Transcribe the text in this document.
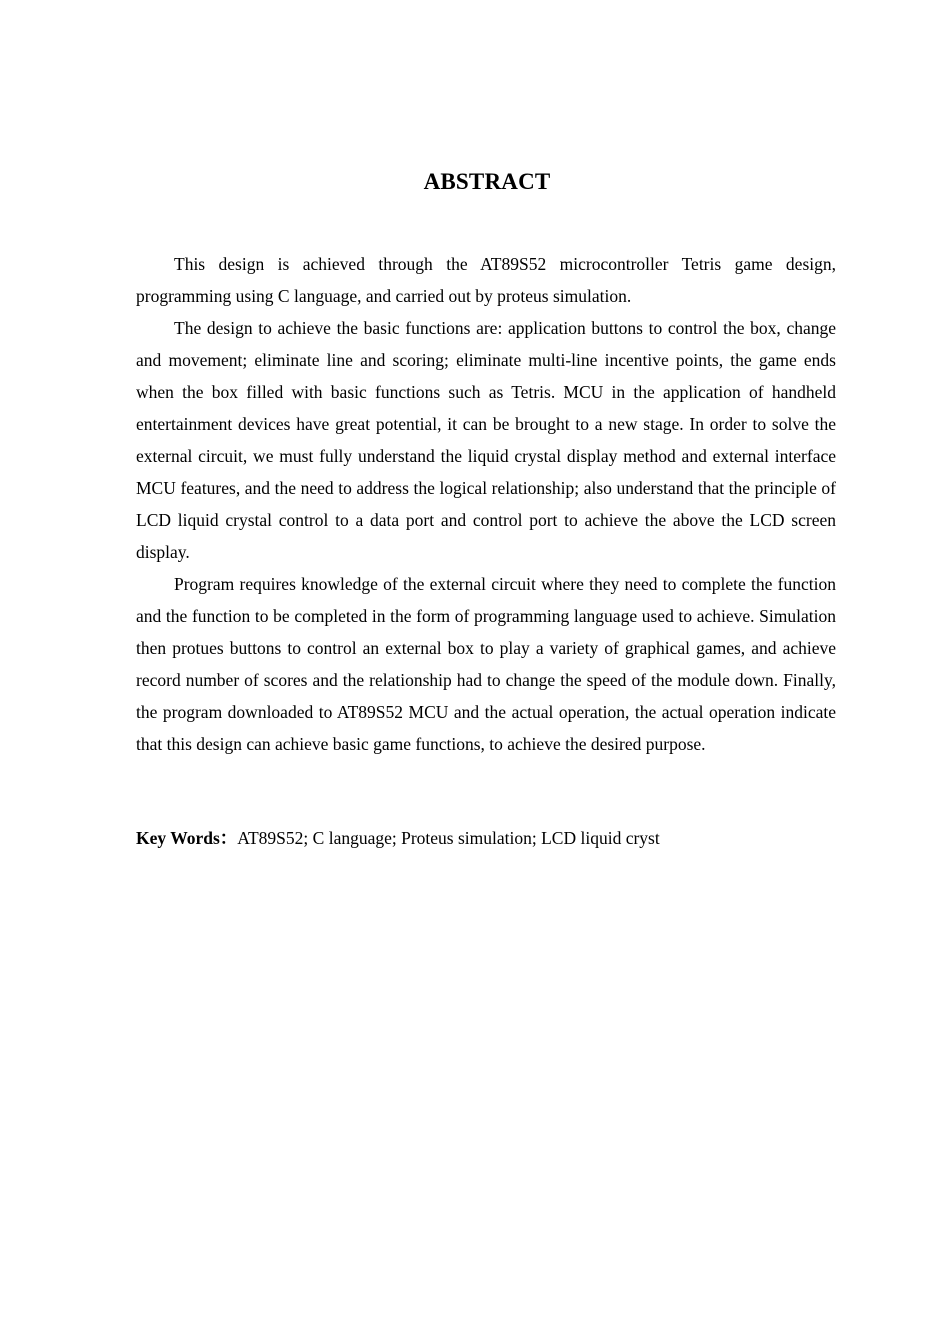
ABSTRACT

This design is achieved through the AT89S52 microcontroller Tetris game design, programming using C language, and carried out by proteus simulation.

The design to achieve the basic functions are: application buttons to control the box, change and movement; eliminate line and scoring; eliminate multi-line incentive points, the game ends when the box filled with basic functions such as Tetris. MCU in the application of handheld entertainment devices have great potential, it can be brought to a new stage. In order to solve the external circuit, we must fully understand the liquid crystal display method and external interface MCU features, and the need to address the logical relationship; also understand that the principle of LCD liquid crystal control to a data port and control port to achieve the above the LCD screen display.

Program requires knowledge of the external circuit where they need to complete the function and the function to be completed in the form of programming language used to achieve. Simulation then protues buttons to control an external box to play a variety of graphical games, and achieve record number of scores and the relationship had to change the speed of the module down. Finally, the program downloaded to AT89S52 MCU and the actual operation, the actual operation indicate that this design can achieve basic game functions, to achieve the desired purpose.

Key Words：AT89S52; C language; Proteus simulation; LCD liquid cryst
